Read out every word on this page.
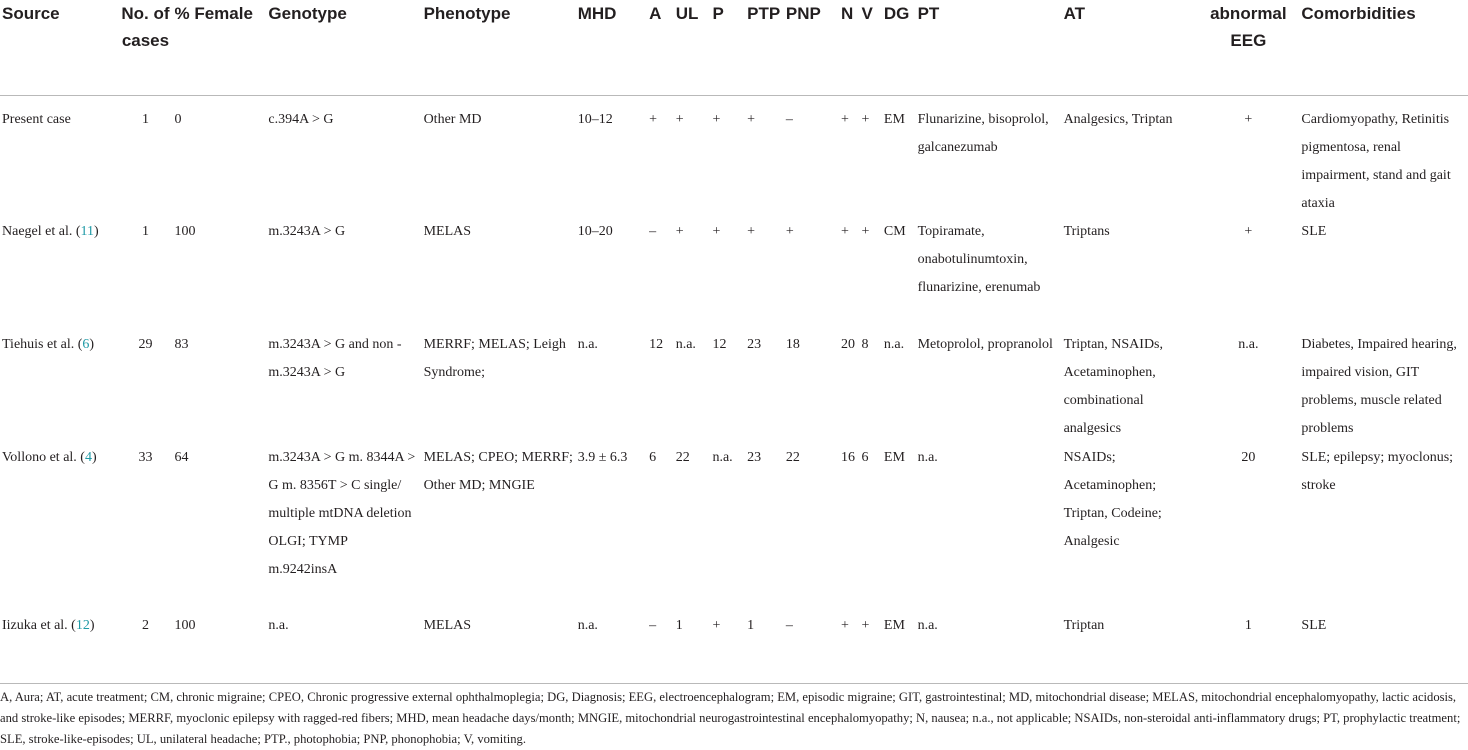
Source	No. of cases	% Female	Genotype	Phenotype	MHD	A	UL	P	PTP	PNP	N	V	DG	PT	AT	abnormal EEG	Comorbidities
Present case	1	0	c.394A > G	Other MD	10–12	+	+	+	+	–	+	+	EM	Flunarizine, bisoprolol, galcanezumab	Analgesics, Triptan	+	Cardiomyopathy, Retinitis pigmentosa, renal impairment, stand and gait ataxia
Naegel et al. (11)	1	100	m.3243A > G	MELAS	10–20	–	+	+	+	+	+	+	CM	Topiramate, onabotulinumtoxin, flunarizine, erenumab	Triptans	+	SLE
Tiehuis et al. (6)	29	83	m.3243A > G and non - m.3243A > G	MERRF; MELAS; Leigh Syndrome;	n.a.	12	n.a.	12	23	18	20	8	n.a.	Metoprolol, propranolol	Triptan, NSAIDs, Acetaminophen, combinational analgesics	n.a.	Diabetes, Impaired hearing, impaired vision, GIT problems, muscle related problems
Vollono et al. (4)	33	64	m.3243A > G m. 8344A > G m. 8356T > C single/ multiple mtDNA deletion OLGI; TYMP m.9242insA	MELAS; CPEO; MERRF; Other MD; MNGIE	3.9 ± 6.3	6	22	n.a.	23	22	16	6	EM	n.a.	NSAIDs; Acetaminophen; Triptan, Codeine; Analgesic	20	SLE; epilepsy; myoclonus; stroke
Iizuka et al. (12)	2	100	n.a.	MELAS	n.a.	–	1	+	1	–	+	+	EM	n.a.	Triptan	1	SLE
A, Aura; AT, acute treatment; CM, chronic migraine; CPEO, Chronic progressive external ophthalmoplegia; DG, Diagnosis; EEG, electroencephalogram; EM, episodic migraine; GIT, gastrointestinal; MD, mitochondrial disease; MELAS, mitochondrial encephalomyopathy, lactic acidosis, and stroke-like episodes; MERRF, myoclonic epilepsy with ragged-red fibers; MHD, mean headache days/month; MNGIE, mitochondrial neurogastrointestinal encephalomyopathy; N, nausea; n.a., not applicable; NSAIDs, non-steroidal anti-inflammatory drugs; PT, prophylactic treatment; SLE, stroke-like-episodes; UL, unilateral headache; PTP., photophobia; PNP, phonophobia; V, vomiting.
